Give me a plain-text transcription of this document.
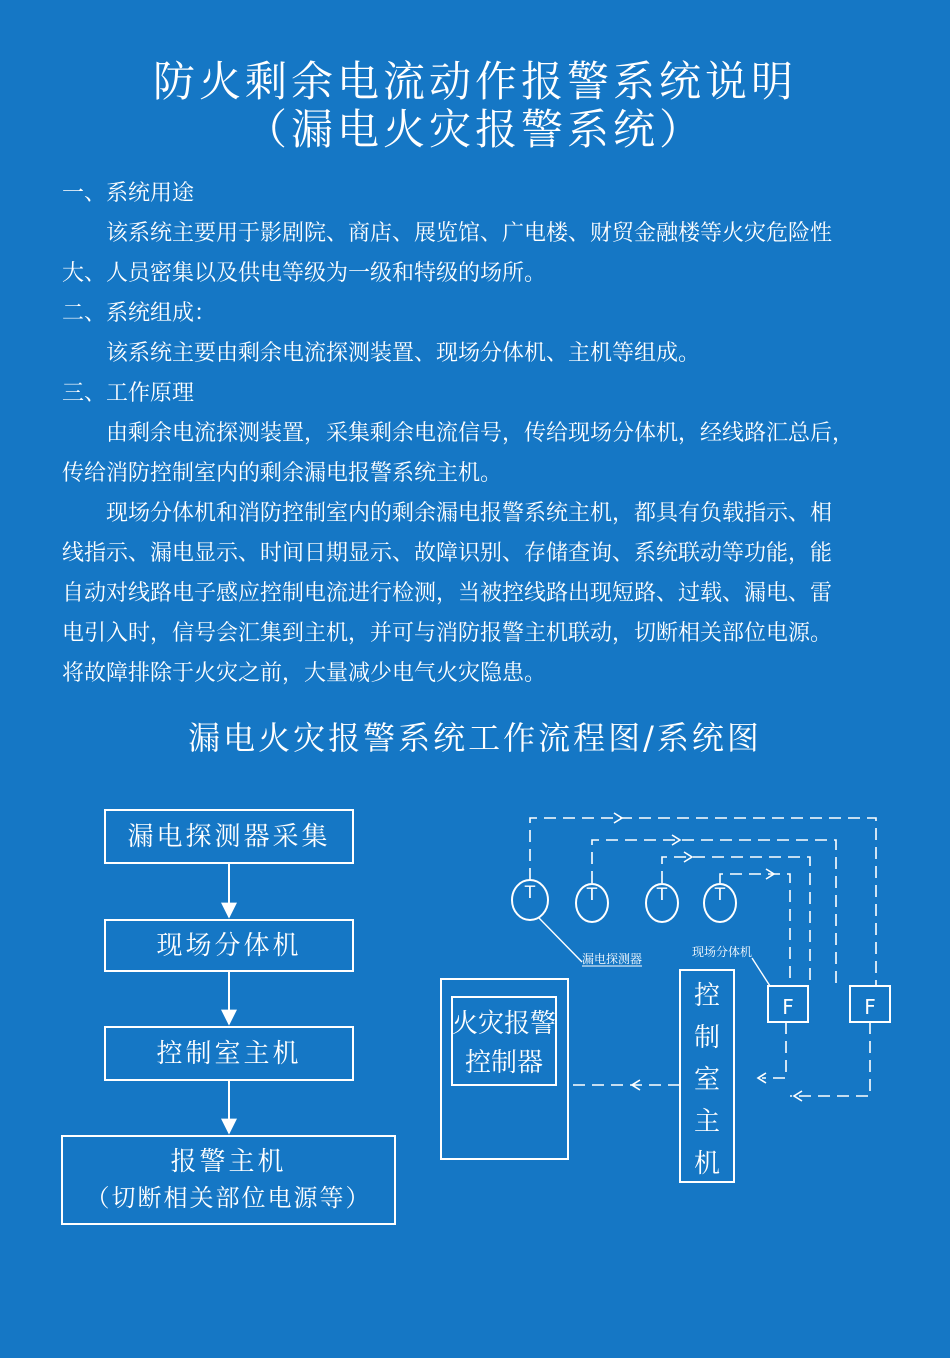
防火剩余电流动作报警系统说明
（漏电火灾报警系统）
一、系统用途
该系统主要用于影剧院、商店、展览馆、广电楼、财贸金融楼等火灾危险性
大、人员密集以及供电等级为一级和特级的场所。
二、系统组成：
该系统主要由剩余电流探测装置、现场分体机、主机等组成。
三、工作原理
由剩余电流探测装置，采集剩余电流信号，传给现场分体机，经线路汇总后，
传给消防控制室内的剩余漏电报警系统主机。
现场分体机和消防控制室内的剩余漏电报警系统主机，都具有负载指示、相
线指示、漏电显示、时间日期显示、故障识别、存储查询、系统联动等功能，能
自动对线路电子感应控制电流进行检测，当被控线路出现短路、过载、漏电、雷
电引入时，信号会汇集到主机，并可与消防报警主机联动，切断相关部位电源。
将故障排除于火灾之前，大量减少电气火灾隐患。
漏电火灾报警系统工作流程图/系统图
漏电探测器采集
现场分体机
控制室主机
报警主机
（切断相关部位电源等）
T	T	T	T
漏电探测器	现场分体机
F	F
火灾报警
控制器
控
制
室
主
机
